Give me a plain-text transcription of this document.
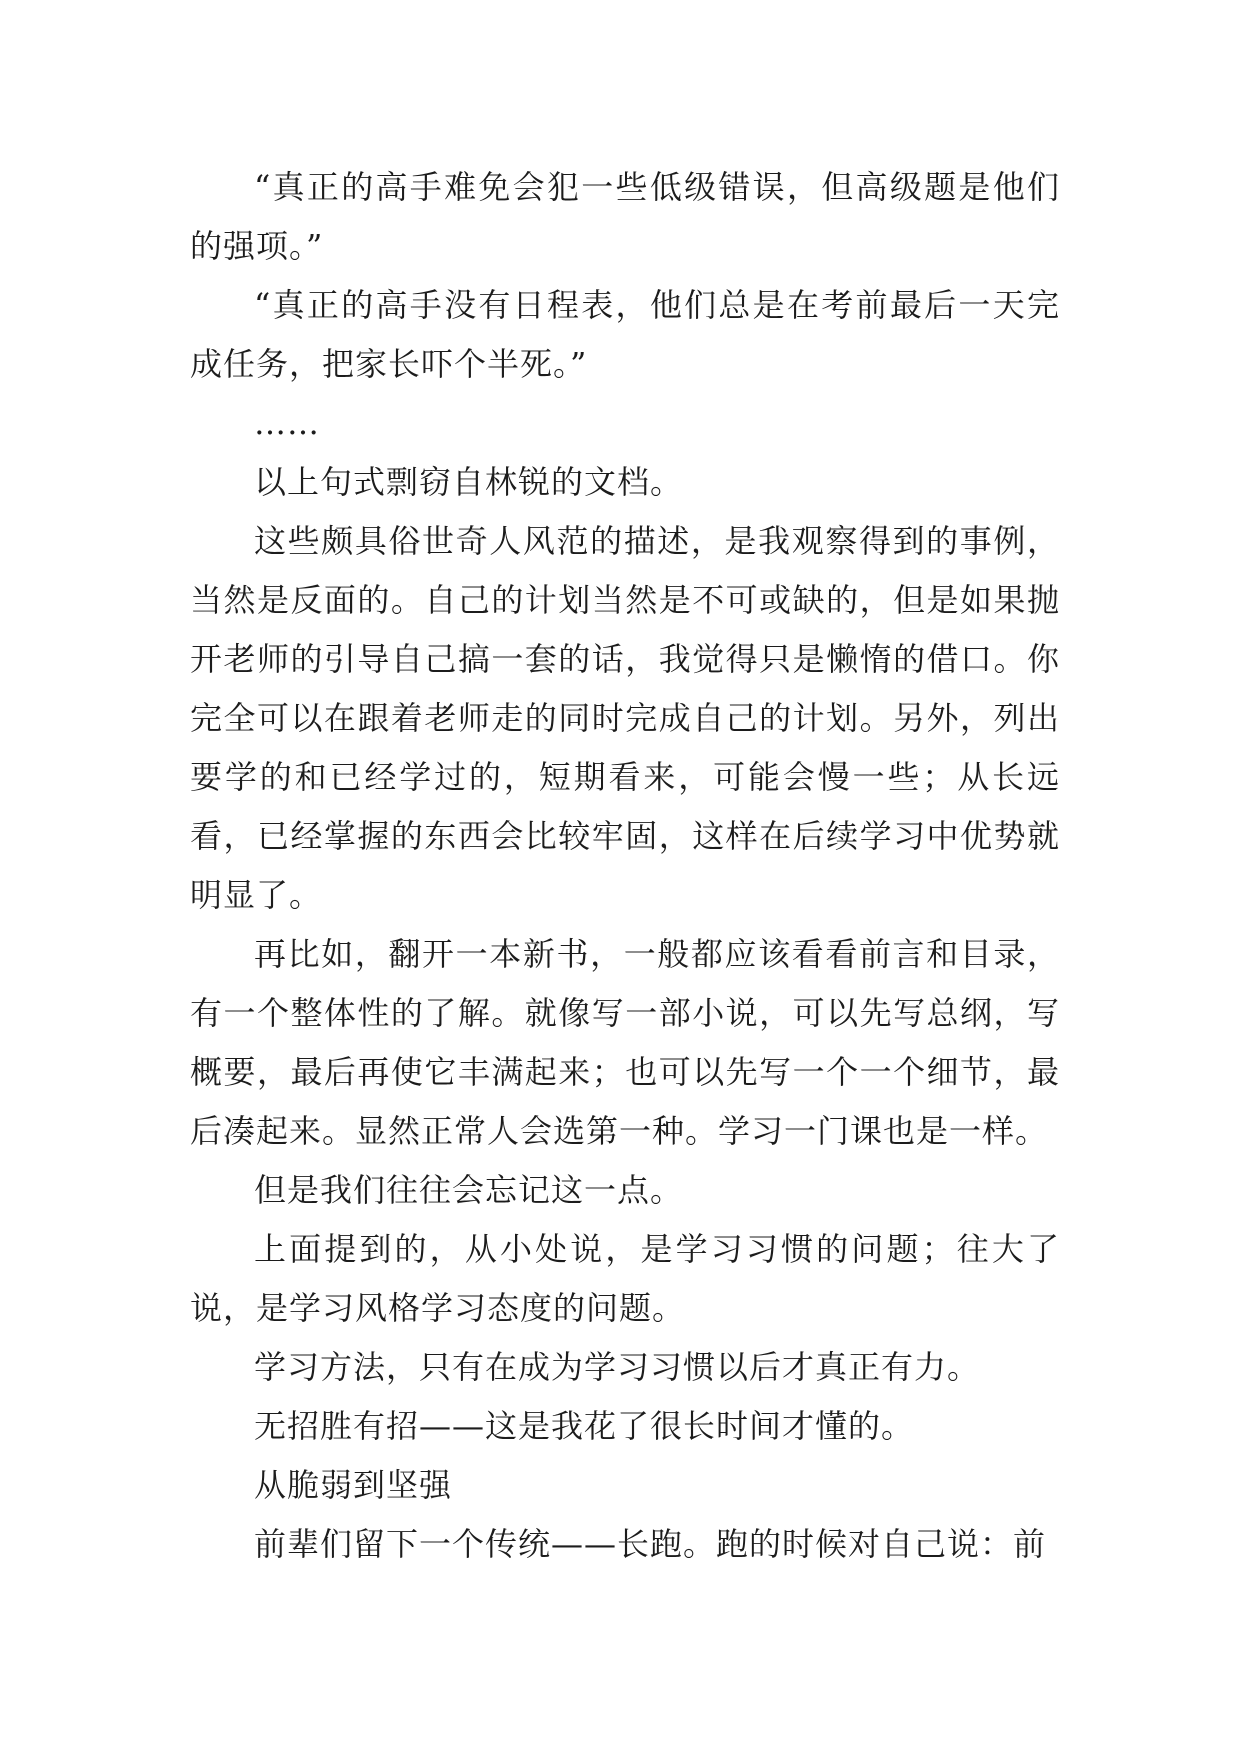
“真正的高手难免会犯一些低级错误，但高级题是他们的强项。”

“真正的高手没有日程表，他们总是在考前最后一天完成任务，把家长吓个半死。”

……

以上句式剽窃自林锐的文档。

这些颇具俗世奇人风范的描述，是我观察得到的事例，当然是反面的。自己的计划当然是不可或缺的，但是如果抛开老师的引导自己搞一套的话，我觉得只是懒惰的借口。你完全可以在跟着老师走的同时完成自己的计划。另外，列出要学的和已经学过的，短期看来，可能会慢一些；从长远看，已经掌握的东西会比较牢固，这样在后续学习中优势就明显了。

再比如，翻开一本新书，一般都应该看看前言和目录，有一个整体性的了解。就像写一部小说，可以先写总纲，写概要，最后再使它丰满起来；也可以先写一个一个细节，最后凑起来。显然正常人会选第一种。学习一门课也是一样。

但是我们往往会忘记这一点。

上面提到的，从小处说，是学习习惯的问题；往大了说，是学习风格学习态度的问题。

学习方法，只有在成为学习习惯以后才真正有力。

无招胜有招——这是我花了很长时间才懂的。

从脆弱到坚强

前辈们留下一个传统——长跑。跑的时候对自己说：前
